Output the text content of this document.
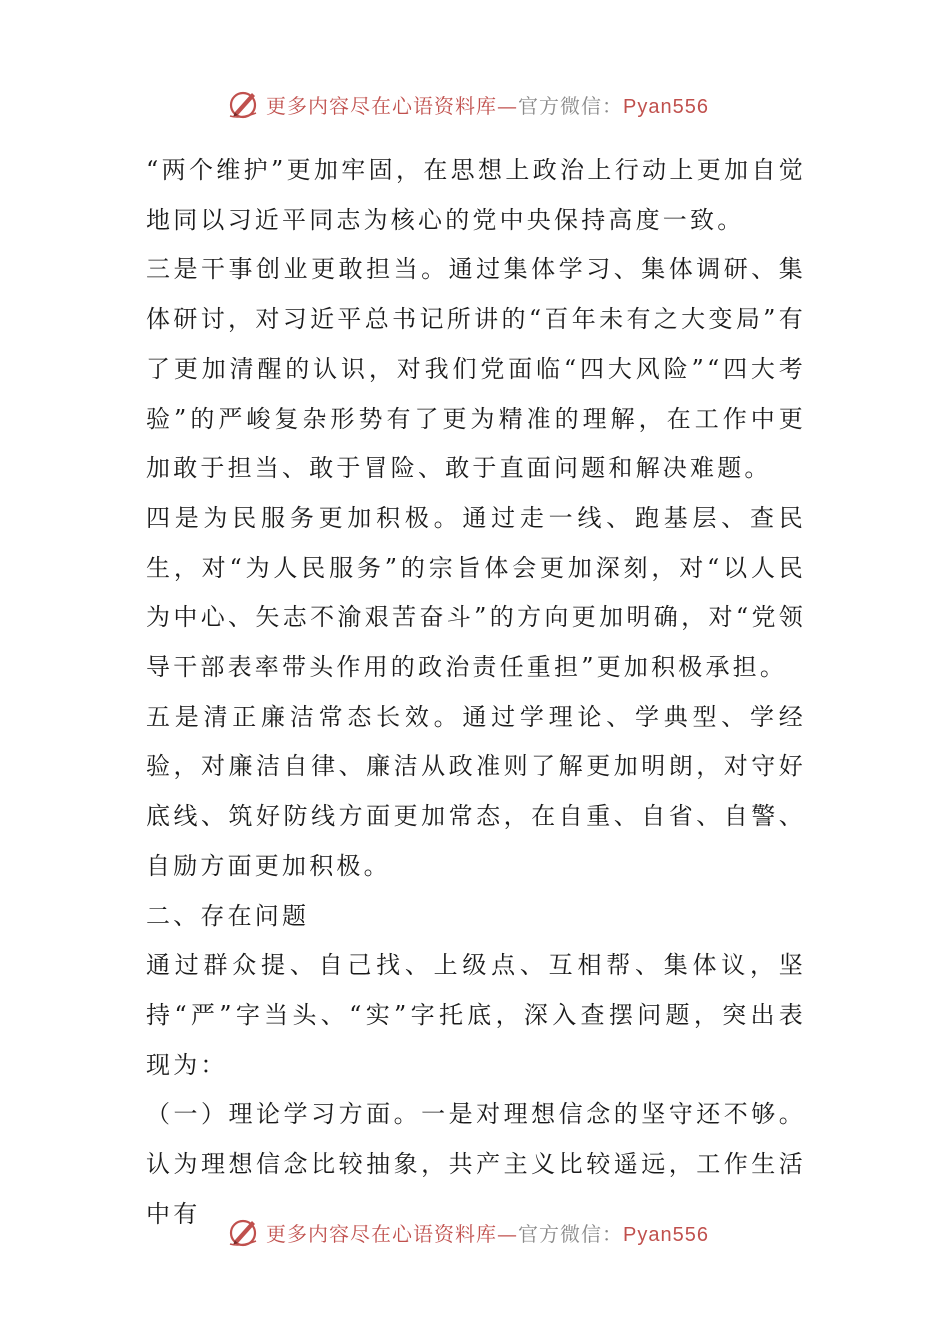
更多内容尽在心语资料库—官方微信：Pyan556

“两个维护”更加牢固，在思想上政治上行动上更加自觉地同以习近平同志为核心的党中央保持高度一致。

三是干事创业更敢担当。通过集体学习、集体调研、集体研讨，对习近平总书记所讲的“百年未有之大变局”有了更加清醒的认识，对我们党面临“四大风险”“四大考验”的严峻复杂形势有了更为精准的理解，在工作中更加敢于担当、敢于冒险、敢于直面问题和解决难题。

四是为民服务更加积极。通过走一线、跑基层、查民生，对“为人民服务”的宗旨体会更加深刻，对“以人民为中心、矢志不渝艰苦奋斗”的方向更加明确，对“党领导干部表率带头作用的政治责任重担”更加积极承担。

五是清正廉洁常态长效。通过学理论、学典型、学经验，对廉洁自律、廉洁从政准则了解更加明朗，对守好底线、筑好防线方面更加常态，在自重、自省、自警、自励方面更加积极。

二、存在问题

通过群众提、自己找、上级点、互相帮、集体议，坚持“严”字当头、“实”字托底，深入查摆问题，突出表现为：

（一）理论学习方面。一是对理想信念的坚守还不够。认为理想信念比较抽象，共产主义比较遥远，工作生活中有

更多内容尽在心语资料库—官方微信：Pyan556
